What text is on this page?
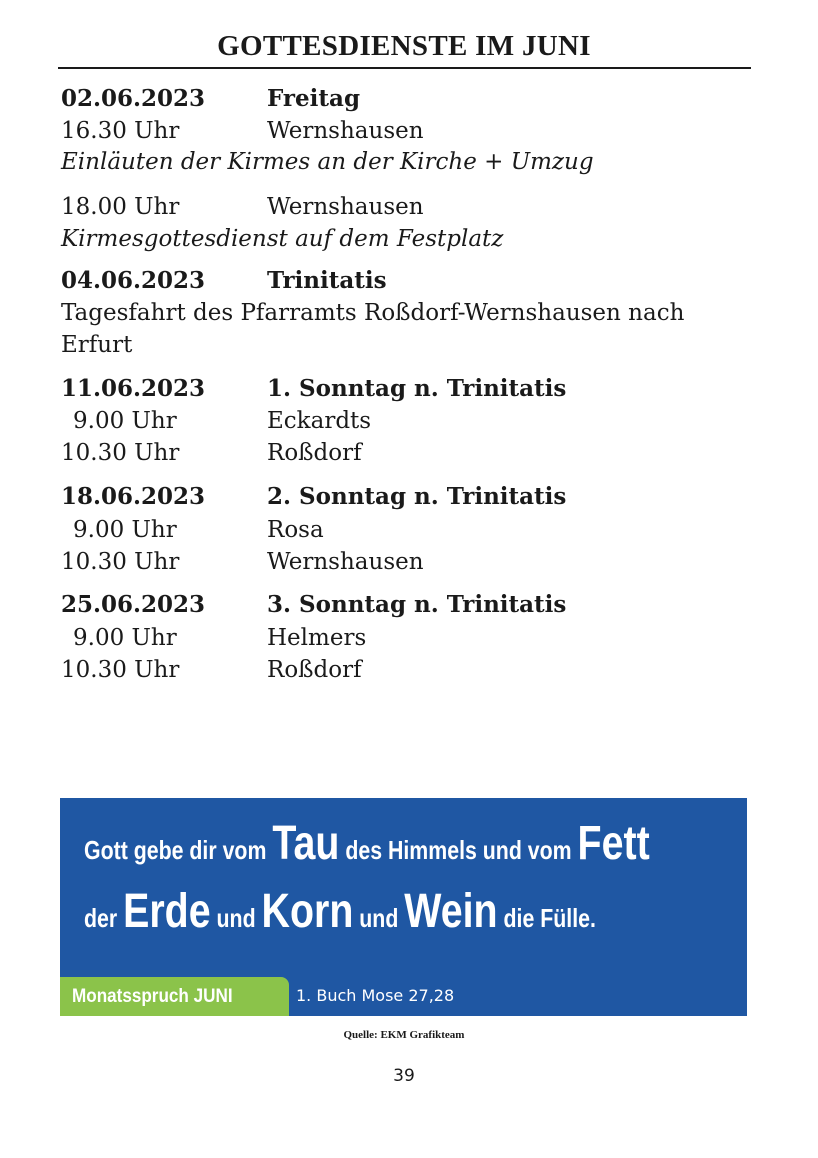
GOTTESDIENSTE IM JUNI
02.06.2023	Freitag
16.30 Uhr	Wernshausen
Einläuten der Kirmes an der Kirche + Umzug
18.00 Uhr	Wernshausen
Kirmesgottesdienst auf dem Festplatz
04.06.2023	Trinitatis
Tagesfahrt des Pfarramts Roßdorf-Wernshausen nach
Erfurt
11.06.2023	1. Sonntag n. Trinitatis
9.00 Uhr	Eckardts
10.30 Uhr	Roßdorf
18.06.2023	2. Sonntag n. Trinitatis
9.00 Uhr	Rosa
10.30 Uhr	Wernshausen
25.06.2023	3. Sonntag n. Trinitatis
9.00 Uhr	Helmers
10.30 Uhr	Roßdorf
Gott gebe dir vom Tau des Himmels und vom Fett
der Erde und Korn und Wein die Fülle.
Monatsspruch JUNI	1. Buch Mose 27,28
Quelle: EKM Grafikteam
39
